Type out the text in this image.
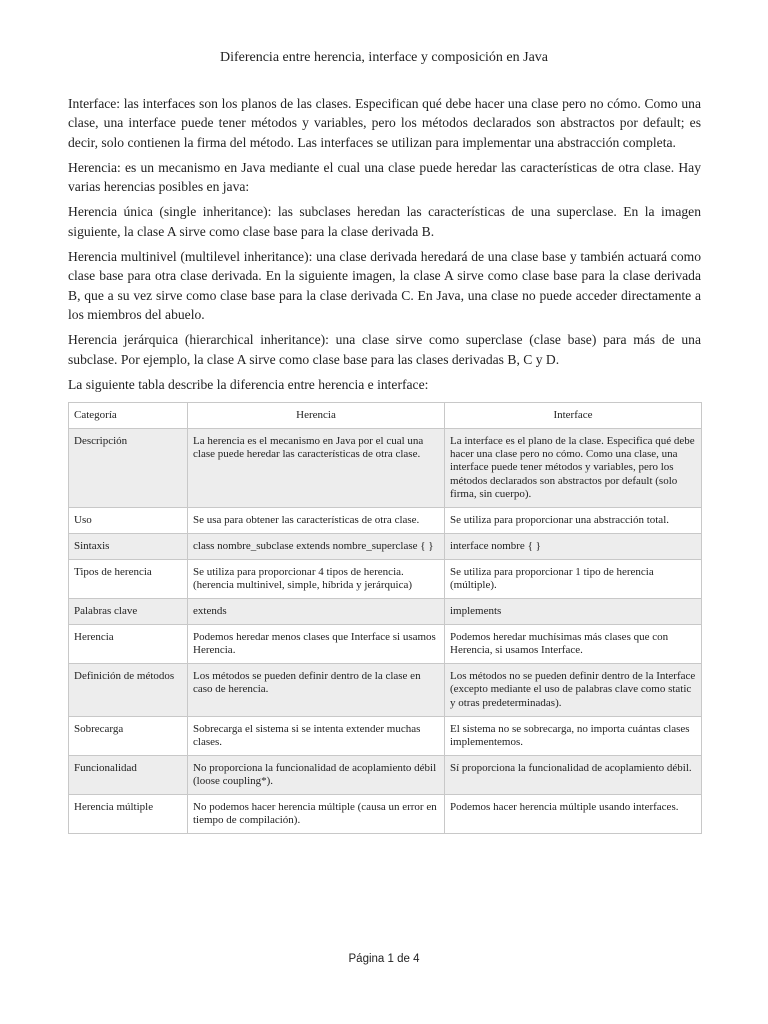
Diferencia entre herencia, interface y composición en Java

Interface: las interfaces son los planos de las clases. Especifican qué debe hacer una clase pero no cómo. Como una clase, una interface puede tener métodos y variables, pero los métodos declarados son abstractos por default; es decir, solo contienen la firma del método. Las interfaces se utilizan para implementar una abstracción completa.

Herencia: es un mecanismo en Java mediante el cual una clase puede heredar las características de otra clase. Hay varias herencias posibles en java:

Herencia única (single inheritance): las subclases heredan las características de una superclase. En la imagen siguiente, la clase A sirve como clase base para la clase derivada B.

Herencia multinivel (multilevel inheritance): una clase derivada heredará de una clase base y también actuará como clase base para otra clase derivada. En la siguiente imagen, la clase A sirve como clase base para la clase derivada B, que a su vez sirve como clase base para la clase derivada C. En Java, una clase no puede acceder directamente a los miembros del abuelo.

Herencia jerárquica (hierarchical inheritance): una clase sirve como superclase (clase base) para más de una subclase. Por ejemplo, la clase A sirve como clase base para las clases derivadas B, C y D.

La siguiente tabla describe la diferencia entre herencia e interface:

Categoría	Herencia	Interface
Descripción	La herencia es el mecanismo en Java por el cual una clase puede heredar las características de otra clase.	La interface es el plano de la clase. Especifica qué debe hacer una clase pero no cómo. Como una clase, una interface puede tener métodos y variables, pero los métodos declarados son abstractos por default (solo firma, sin cuerpo).
Uso	Se usa para obtener las características de otra clase.	Se utiliza para proporcionar una abstracción total.
Sintaxis	class nombre_subclase extends nombre_superclase { }	interface nombre { }
Tipos de herencia	Se utiliza para proporcionar 4 tipos de herencia. (herencia multinivel, simple, híbrida y jerárquica)	Se utiliza para proporcionar 1 tipo de herencia (múltiple).
Palabras clave	extends	implements
Herencia	Podemos heredar menos clases que Interface si usamos Herencia.	Podemos heredar muchísimas más clases que con Herencia, si usamos Interface.
Definición de métodos	Los métodos se pueden definir dentro de la clase en caso de herencia.	Los métodos no se pueden definir dentro de la Interface (excepto mediante el uso de palabras clave como static y otras predeterminadas).
Sobrecarga	Sobrecarga el sistema si se intenta extender muchas clases.	El sistema no se sobrecarga, no importa cuántas clases implementemos.
Funcionalidad	No proporciona la funcionalidad de acoplamiento débil (loose coupling*).	Sí proporciona la funcionalidad de acoplamiento débil.
Herencia múltiple	No podemos hacer herencia múltiple (causa un error en tiempo de compilación).	Podemos hacer herencia múltiple usando interfaces.
Página 1 de 4
